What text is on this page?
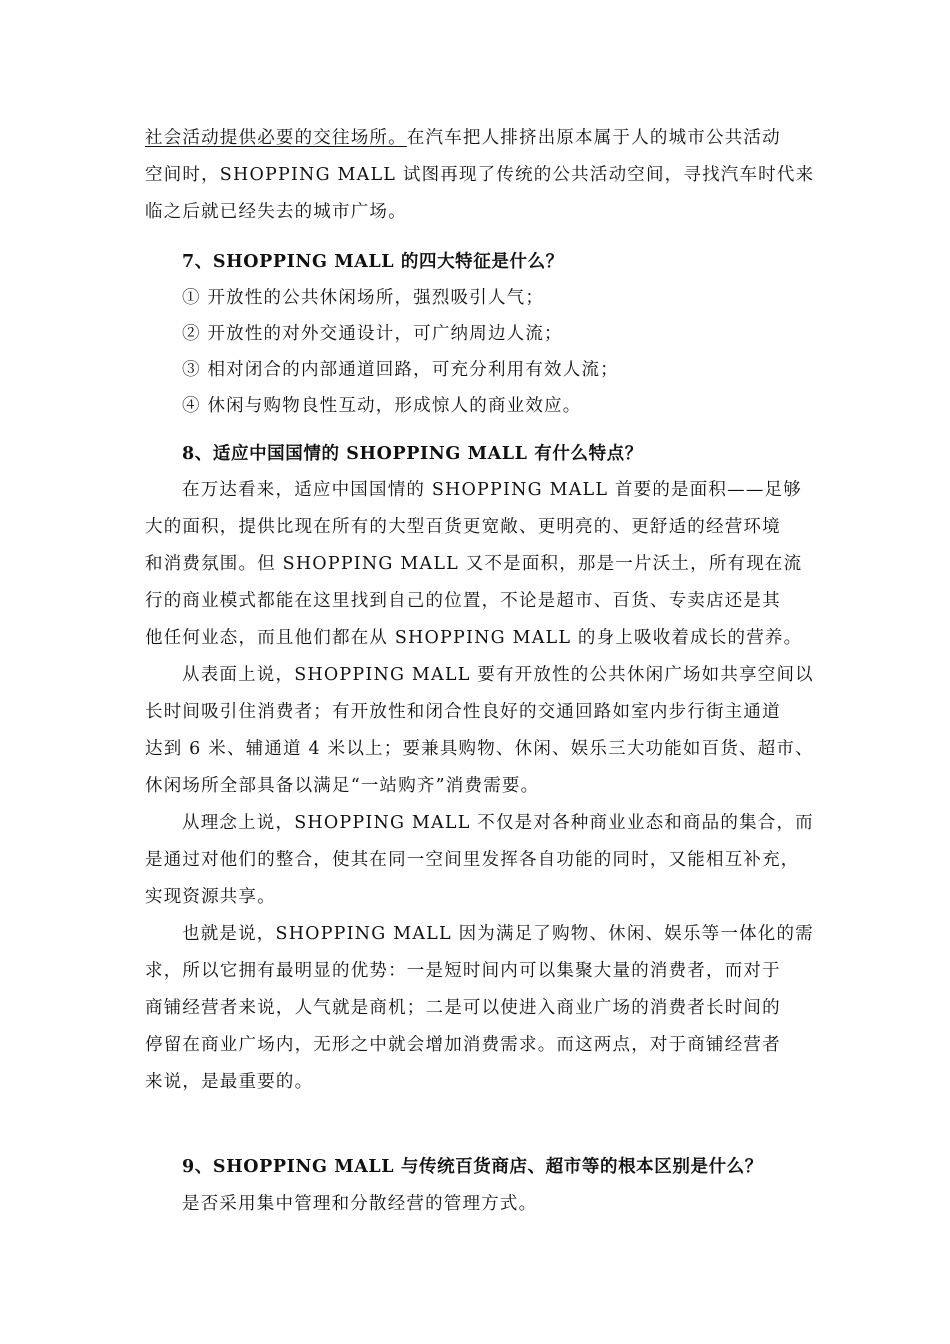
社会活动提供必要的交往场所。在汽车把人排挤出原本属于人的城市公共活动
空间时，SHOPPING MALL 试图再现了传统的公共活动空间，寻找汽车时代来
临之后就已经失去的城市广场。
7、SHOPPING MALL 的四大特征是什么？
① 开放性的公共休闲场所，强烈吸引人气；
② 开放性的对外交通设计，可广纳周边人流；
③ 相对闭合的内部通道回路，可充分利用有效人流；
④ 休闲与购物良性互动，形成惊人的商业效应。
8、适应中国国情的 SHOPPING MALL 有什么特点？
在万达看来，适应中国国情的 SHOPPING MALL 首要的是面积——足够
大的面积，提供比现在所有的大型百货更宽敞、更明亮的、更舒适的经营环境
和消费氛围。但 SHOPPING MALL 又不是面积，那是一片沃土，所有现在流
行的商业模式都能在这里找到自己的位置，不论是超市、百货、专卖店还是其
他任何业态，而且他们都在从 SHOPPING MALL 的身上吸收着成长的营养。
从表面上说，SHOPPING MALL 要有开放性的公共休闲广场如共享空间以
长时间吸引住消费者；有开放性和闭合性良好的交通回路如室内步行街主通道
达到 6 米、辅通道 4 米以上；要兼具购物、休闲、娱乐三大功能如百货、超市、
休闲场所全部具备以满足“一站购齐”消费需要。
从理念上说，SHOPPING MALL 不仅是对各种商业业态和商品的集合，而
是通过对他们的整合，使其在同一空间里发挥各自功能的同时，又能相互补充，
实现资源共享。
也就是说，SHOPPING MALL 因为满足了购物、休闲、娱乐等一体化的需
求，所以它拥有最明显的优势：一是短时间内可以集聚大量的消费者，而对于
商铺经营者来说，人气就是商机；二是可以使进入商业广场的消费者长时间的
停留在商业广场内，无形之中就会增加消费需求。而这两点，对于商铺经营者
来说，是最重要的。
9、SHOPPING MALL 与传统百货商店、超市等的根本区别是什么？
是否采用集中管理和分散经营的管理方式。
